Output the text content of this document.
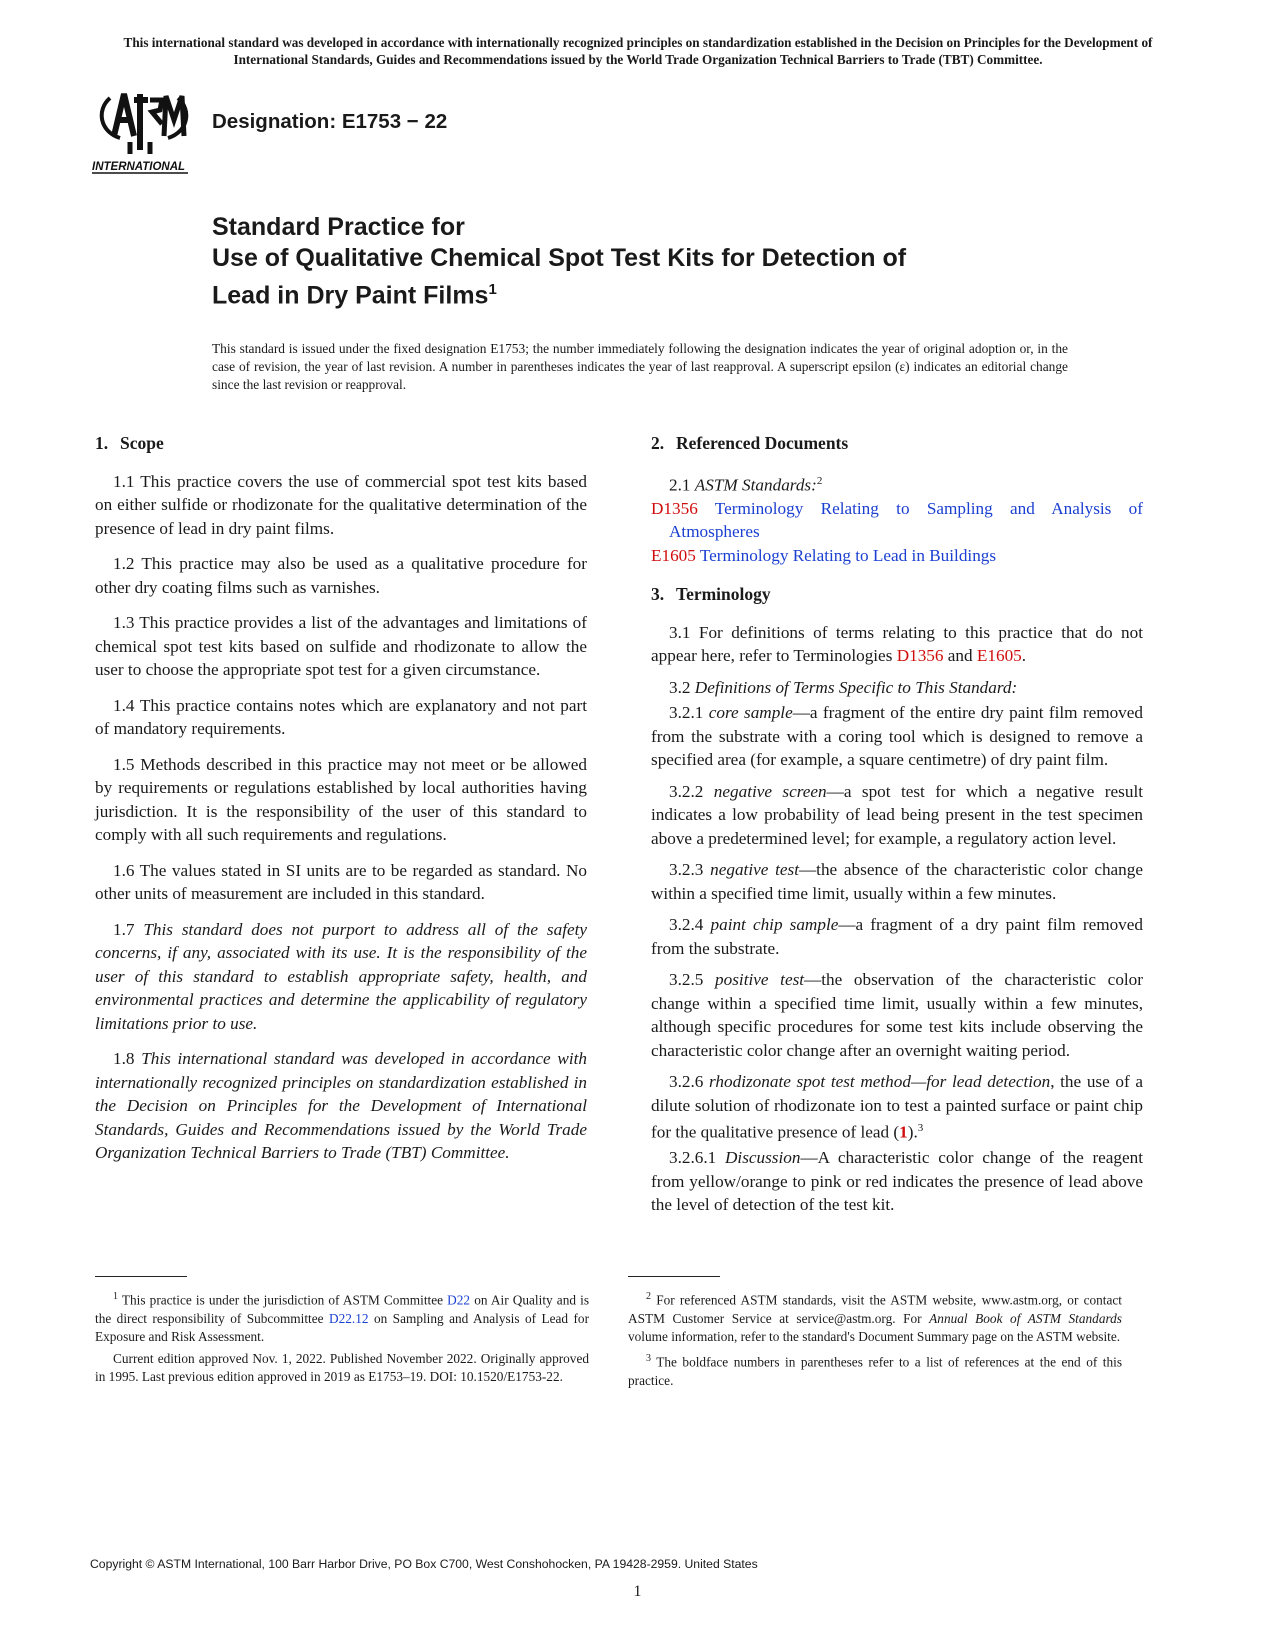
This international standard was developed in accordance with internationally recognized principles on standardization established in the Decision on Principles for the Development of International Standards, Guides and Recommendations issued by the World Trade Organization Technical Barriers to Trade (TBT) Committee.
INTERNATIONAL
Designation: E1753 − 22
Standard Practice for
Use of Qualitative Chemical Spot Test Kits for Detection of
Lead in Dry Paint Films$^1$
This standard is issued under the fixed designation E1753; the number immediately following the designation indicates the year of original adoption or, in the case of revision, the year of last revision. A number in parentheses indicates the year of last reapproval. A superscript epsilon (ε) indicates an editorial change since the last revision or reapproval.
1. Scope

1.1 This practice covers the use of commercial spot test kits based on either sulfide or rhodizonate for the qualitative determination of the presence of lead in dry paint films.

1.2 This practice may also be used as a qualitative procedure for other dry coating films such as varnishes.

1.3 This practice provides a list of the advantages and limitations of chemical spot test kits based on sulfide and rhodizonate to allow the user to choose the appropriate spot test for a given circumstance.

1.4 This practice contains notes which are explanatory and not part of mandatory requirements.

1.5 Methods described in this practice may not meet or be allowed by requirements or regulations established by local authorities having jurisdiction. It is the responsibility of the user of this standard to comply with all such requirements and regulations.

1.6 The values stated in SI units are to be regarded as standard. No other units of measurement are included in this standard.

1.7 This standard does not purport to address all of the safety concerns, if any, associated with its use. It is the responsibility of the user of this standard to establish appropriate safety, health, and environmental practices and determine the applicability of regulatory limitations prior to use.

1.8 This international standard was developed in accordance with internationally recognized principles on standardization established in the Decision on Principles for the Development of International Standards, Guides and Recommendations issued by the World Trade Organization Technical Barriers to Trade (TBT) Committee.

2. Referenced Documents
2.1 ASTM Standards:$^2$
D1356 Terminology Relating to Sampling and Analysis of Atmospheres
E1605 Terminology Relating to Lead in Buildings
3. Terminology

3.1 For definitions of terms relating to this practice that do not appear here, refer to Terminologies D1356 and E1605.

3.2 Definitions of Terms Specific to This Standard:

3.2.1 core sample—a fragment of the entire dry paint film removed from the substrate with a coring tool which is designed to remove a specified area (for example, a square centimetre) of dry paint film.

3.2.2 negative screen—a spot test for which a negative result indicates a low probability of lead being present in the test specimen above a predetermined level; for example, a regulatory action level.

3.2.3 negative test—the absence of the characteristic color change within a specified time limit, usually within a few minutes.

3.2.4 paint chip sample—a fragment of a dry paint film removed from the substrate.

3.2.5 positive test—the observation of the characteristic color change within a specified time limit, usually within a few minutes, although specific procedures for some test kits include observing the characteristic color change after an overnight waiting period.

3.2.6 rhodizonate spot test method—for lead detection, the use of a dilute solution of rhodizonate ion to test a painted surface or paint chip for the qualitative presence of lead (1).$^3$

3.2.6.1 Discussion—A characteristic color change of the reagent from yellow/orange to pink or red indicates the presence of lead above the level of detection of the test kit.

$^1$ This practice is under the jurisdiction of ASTM Committee D22 on Air Quality and is the direct responsibility of Subcommittee D22.12 on Sampling and Analysis of Lead for Exposure and Risk Assessment.

Current edition approved Nov. 1, 2022. Published November 2022. Originally approved in 1995. Last previous edition approved in 2019 as E1753–19. DOI: 10.1520/E1753-22.

$^2$ For referenced ASTM standards, visit the ASTM website, www.astm.org, or contact ASTM Customer Service at service@astm.org. For Annual Book of ASTM Standards volume information, refer to the standard's Document Summary page on the ASTM website.

$^3$ The boldface numbers in parentheses refer to a list of references at the end of this practice.

Copyright © ASTM International, 100 Barr Harbor Drive, PO Box C700, West Conshohocken, PA 19428-2959. United States
1
